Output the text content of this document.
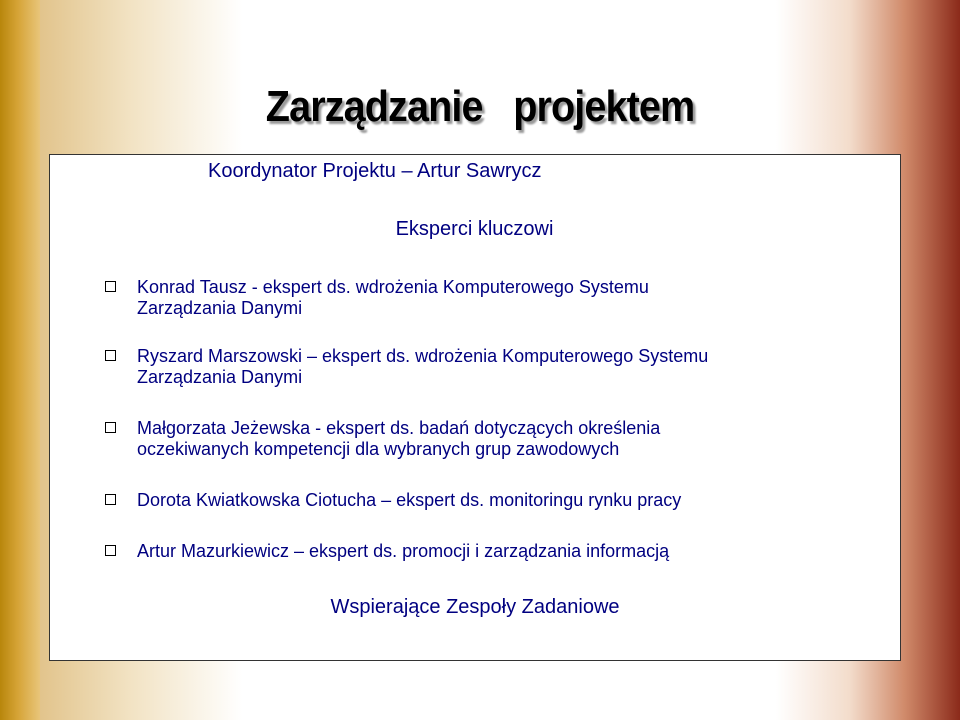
Zarządzanie projektem
Koordynator Projektu – Artur Sawrycz
Eksperci kluczowi
Konrad Tausz - ekspert ds. wdrożenia Komputerowego Systemu
Zarządzania Danymi
Ryszard Marszowski – ekspert ds. wdrożenia Komputerowego Systemu
Zarządzania Danymi
Małgorzata Jeżewska - ekspert ds. badań dotyczących określenia
oczekiwanych kompetencji dla wybranych grup zawodowych
Dorota Kwiatkowska Ciotucha – ekspert ds. monitoringu rynku pracy
Artur Mazurkiewicz – ekspert ds. promocji i zarządzania informacją
Wspierające Zespoły Zadaniowe
